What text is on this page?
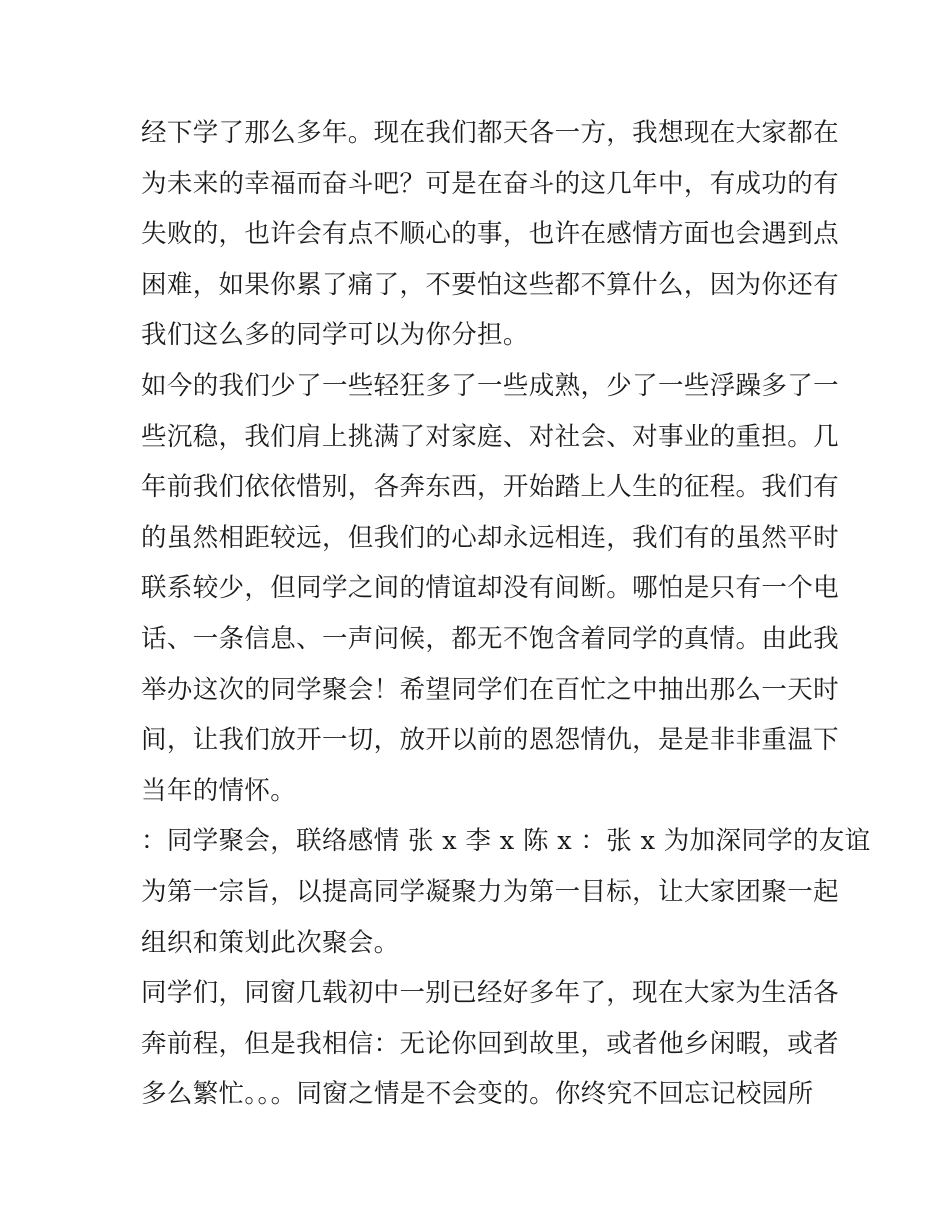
经下学了那么多年。现在我们都天各一方，我想现在大家都在
为未来的幸福而奋斗吧？可是在奋斗的这几年中，有成功的有
失败的，也许会有点不顺心的事，也许在感情方面也会遇到点
困难，如果你累了痛了，不要怕这些都不算什么，因为你还有
我们这么多的同学可以为你分担。
如今的我们少了一些轻狂多了一些成熟，少了一些浮躁多了一
些沉稳，我们肩上挑满了对家庭、对社会、对事业的重担。几
年前我们依依惜别，各奔东西，开始踏上人生的征程。我们有
的虽然相距较远，但我们的心却永远相连，我们有的虽然平时
联系较少，但同学之间的情谊却没有间断。哪怕是只有一个电
话、一条信息、一声问候，都无不饱含着同学的真情。由此我
举办这次的同学聚会！希望同学们在百忙之中抽出那么一天时
间，让我们放开一切，放开以前的恩怨情仇，是是非非重温下
当年的情怀。
：同学聚会，联络感情 张 x 李 x 陈 x ：张 x 为加深同学的友谊
为第一宗旨，以提高同学凝聚力为第一目标，让大家团聚一起
组织和策划此次聚会。
同学们，同窗几载初中一别已经好多年了，现在大家为生活各
奔前程，但是我相信：无论你回到故里，或者他乡闲暇，或者
多么繁忙。。。同窗之情是不会变的。你终究不回忘记校园所
